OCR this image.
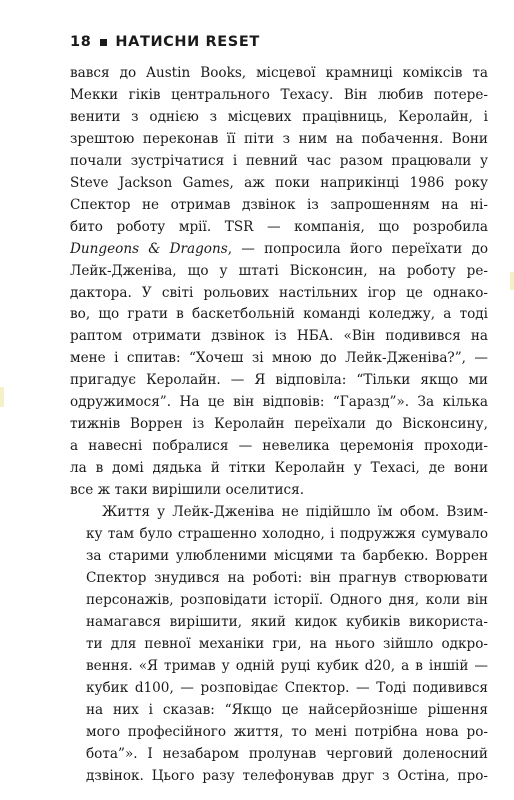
18 НАТИСНИ RESET

вався до Austin Books, місцевої крамниці коміксів та
Мекки гіків центрального Техасу. Він любив потере-
венити з однією з місцевих працівниць, Керолайн, і
зрештою переконав її піти з ним на побачення. Вони
почали зустрічатися і певний час разом працювали у
Steve Jackson Games, аж поки наприкінці 1986 року
Спектор не отримав дзвінок із запрошенням на ні-
бито роботу мрії. TSR — компанія, що розробила
Dungeons & Dragons, — попросила його переїхати до
Лейк-Дженіва, що у штаті Вісконсин, на роботу ре-
дактора. У світі рольових настільних ігор це однако-
во, що грати в баскетбольній команді коледжу, а тоді
раптом отримати дзвінок із НБА. «Він подивився на
мене і спитав: “Хочеш зі мною до Лейк-Дженіва?”, —
пригадує Керолайн. — Я відповіла: “Тільки якщо ми
одружимося”. На це він відповів: “Гаразд”». За кілька
тижнів Воррен із Керолайн переїхали до Вісконсину,
а навесні побралися — невелика церемонія проходи-
ла в домі дядька й тітки Керолайн у Техасі, де вони
все ж таки вирішили оселитися.

Життя у Лейк-Дженіва не підійшло їм обом. Взим-
ку там було страшенно холодно, і подружжя сумувало
за старими улюбленими місцями та барбекю. Воррен
Спектор знудився на роботі: він прагнув створювати
персонажів, розповідати історії. Одного дня, коли він
намагався вирішити, який кидок кубиків використа-
ти для певної механіки гри, на нього зійшло одкро-
вення. «Я тримав у одній руці кубик d20, а в іншій —
кубик d100, — розповідає Спектор. — Тоді подивився
на них і сказав: “Якщо це найсерйозніше рішення
мого професійного життя, то мені потрібна нова ро-
бота”». І незабаром пролунав черговий доленосний
дзвінок. Цього разу телефонував друг з Остіна, про-
